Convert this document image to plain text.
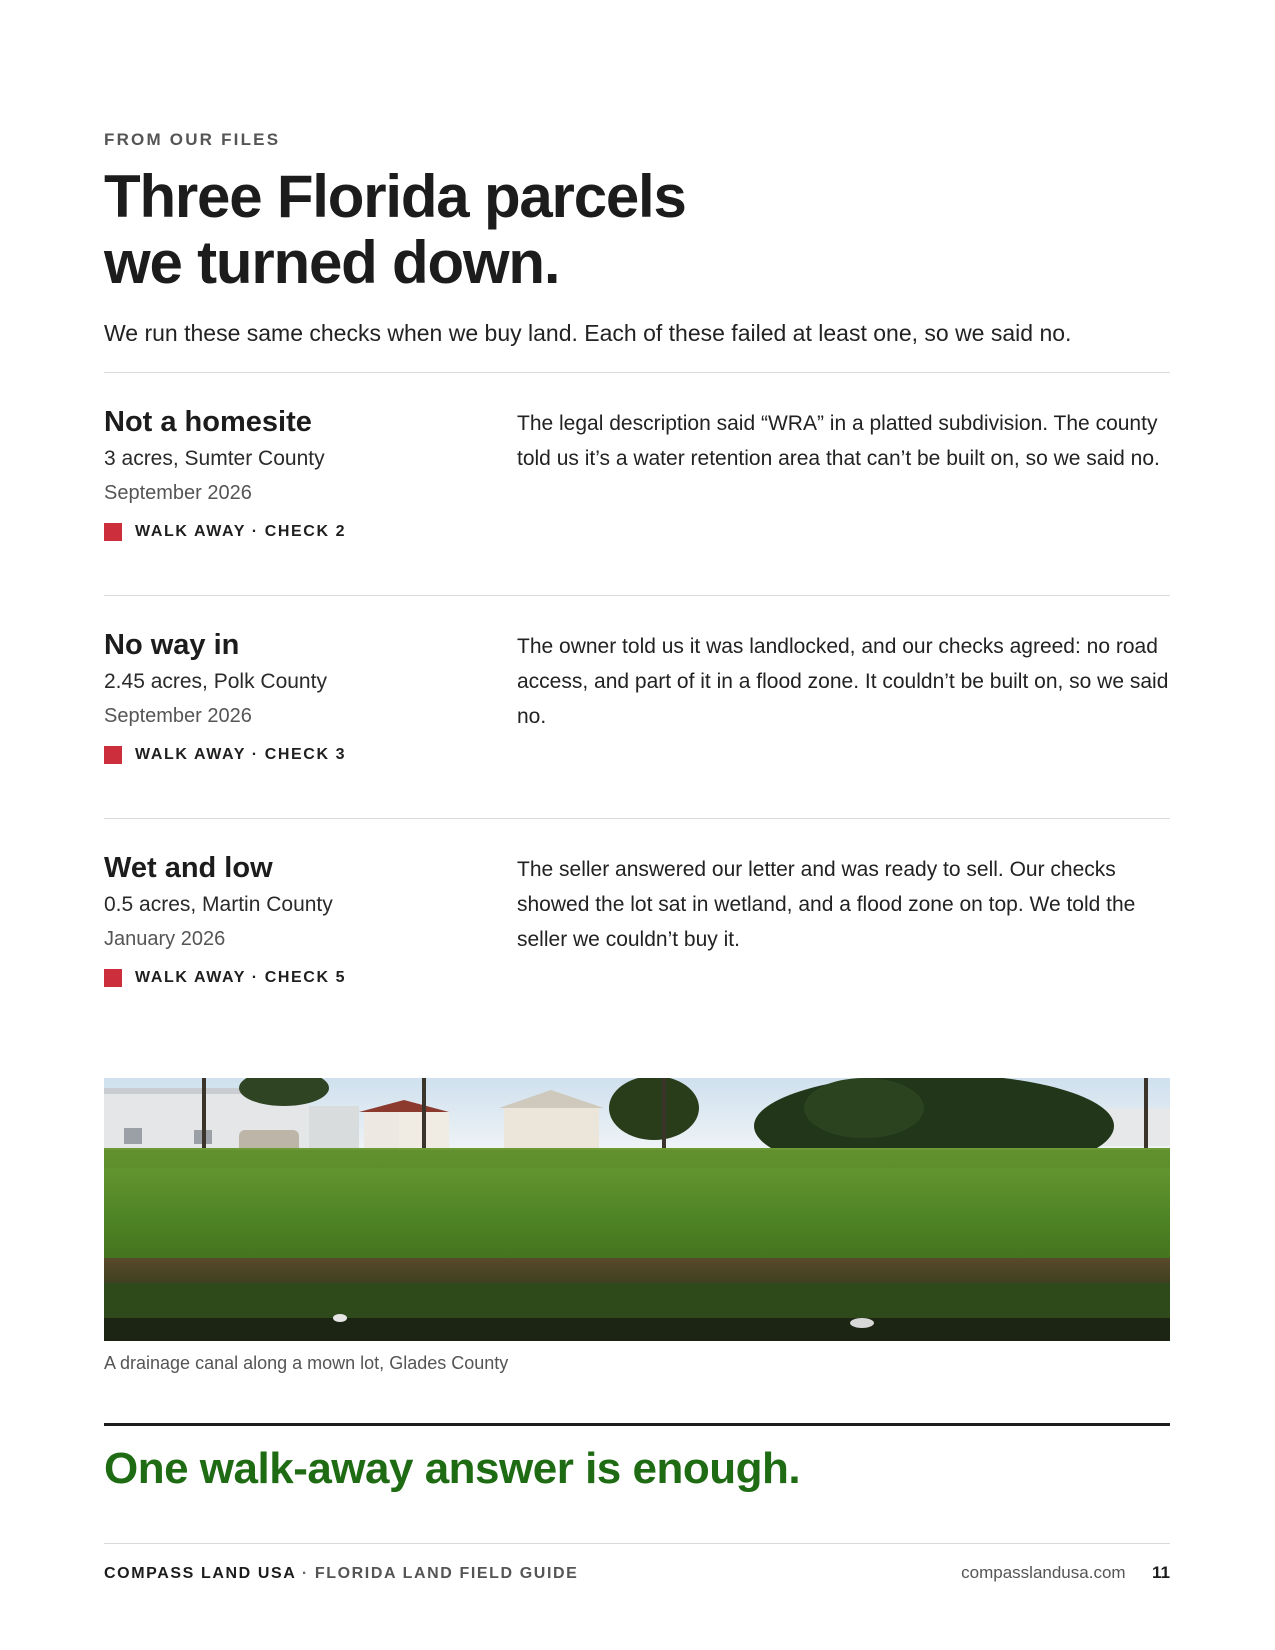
FROM OUR FILES
Three Florida parcels
we turned down.
We run these same checks when we buy land. Each of these failed at least one, so we said no.
Not a homesite
3 acres, Sumter County
September 2026
WALK AWAY · CHECK 2

The legal description said “WRA” in a platted subdivision. The county told us it’s a water retention area that can’t be built on, so we said no.

No way in
2.45 acres, Polk County
September 2026
WALK AWAY · CHECK 3

The owner told us it was landlocked, and our checks agreed: no road access, and part of it in a flood zone. It couldn’t be built on, so we said no.

Wet and low
0.5 acres, Martin County
January 2026
WALK AWAY · CHECK 5

The seller answered our letter and was ready to sell. Our checks showed the lot sat in wetland, and a flood zone on top. We told the seller we couldn’t buy it.

A drainage canal along a mown lot, Glades County
One walk-away answer is enough.
COMPASS LAND USA · FLORIDA LAND FIELD GUIDE	compasslandusa.com 11
